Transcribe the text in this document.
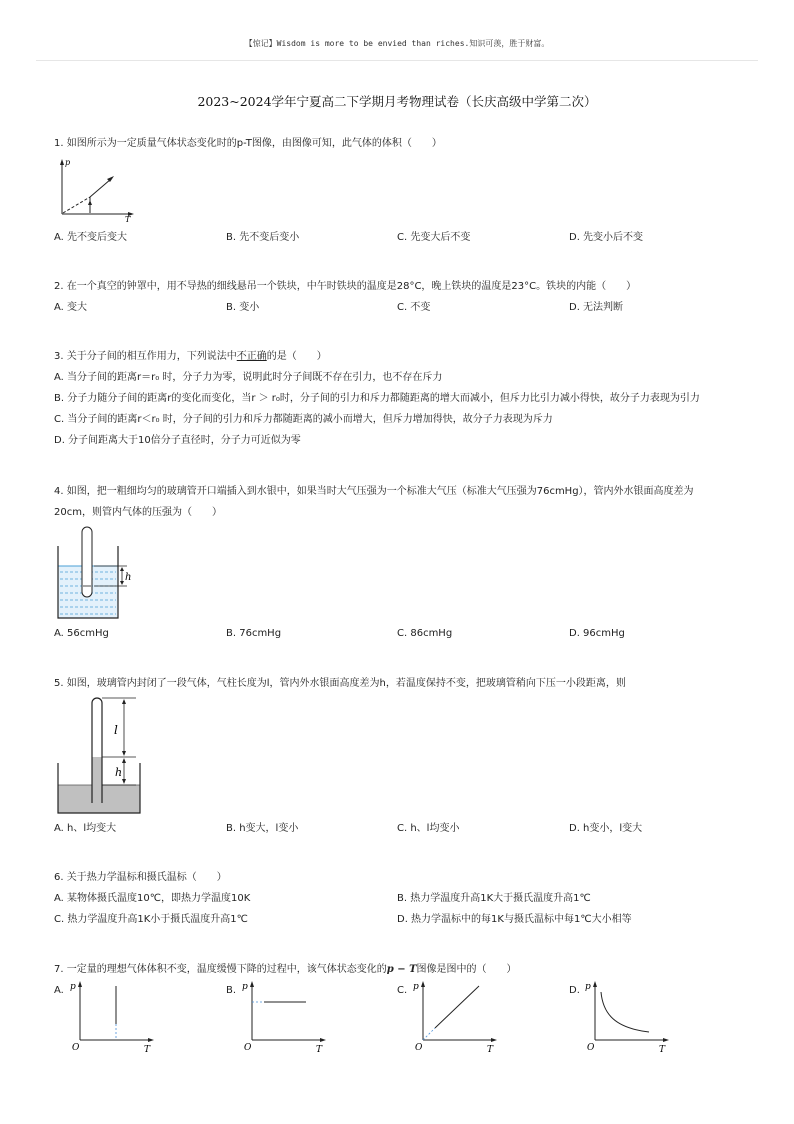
【惊记】Wisdom is more to be envied than riches.知识可羡，胜于财富。
2023~2024学年宁夏高二下学期月考物理试卷（长庆高级中学第二次）
1. 如图所示为一定质量气体状态变化时的p-T图像，由图像可知，此气体的体积（　　）
p
T
A. 先不变后变大	B. 先不变后变小	C. 先变大后不变	D. 先变小后不变
2. 在一个真空的钟罩中，用不导热的细线悬吊一个铁块，中午时铁块的温度是28°C，晚上铁块的温度是23°C。铁块的内能（　　）
A. 变大	B. 变小	C. 不变	D. 无法判断
3. 关于分子间的相互作用力，下列说法中不正确的是（　　）
A. 当分子间的距离r＝r₀ 时，分子力为零，说明此时分子间既不存在引力，也不存在斥力
B. 分子力随分子间的距离r的变化而变化，当r ＞ r₀时，分子间的引力和斥力都随距离的增大而减小，但斥力比引力减小得快，故分子力表现为引力
C. 当分子间的距离r＜r₀ 时，分子间的引力和斥力都随距离的减小而增大，但斥力增加得快，故分子力表现为斥力
D. 分子间距离大于10倍分子直径时，分子力可近似为零
4. 如图，把一粗细均匀的玻璃管开口端插入到水银中，如果当时大气压强为一个标准大气压（标准大气压强为76cmHg），管内外水银面高度差为
20cm，则管内气体的压强为（　　）
h
A. 56cmHg	B. 76cmHg	C. 86cmHg	D. 96cmHg
5. 如图，玻璃管内封闭了一段气体，气柱长度为l，管内外水银面高度差为h，若温度保持不变，把玻璃管稍向下压一小段距离，则
l
h
A. h、l均变大	B. h变大，l变小	C. h、l均变小	D. h变小，l变大
6. 关于热力学温标和摄氏温标（　　）
A. 某物体摄氏温度10℃，即热力学温度10K	B. 热力学温度升高1K大于摄氏温度升高1℃
C. 热力学温度升高1K小于摄氏温度升高1℃	D. 热力学温标中的每1K与摄氏温标中每1℃大小相等
7. 一定量的理想气体体积不变，温度缓慢下降的过程中，该气体状态变化的p − T图像是图中的（　　）
A. p
T
O
B. p
T
O
C. p
T
O
D. p
T
O
